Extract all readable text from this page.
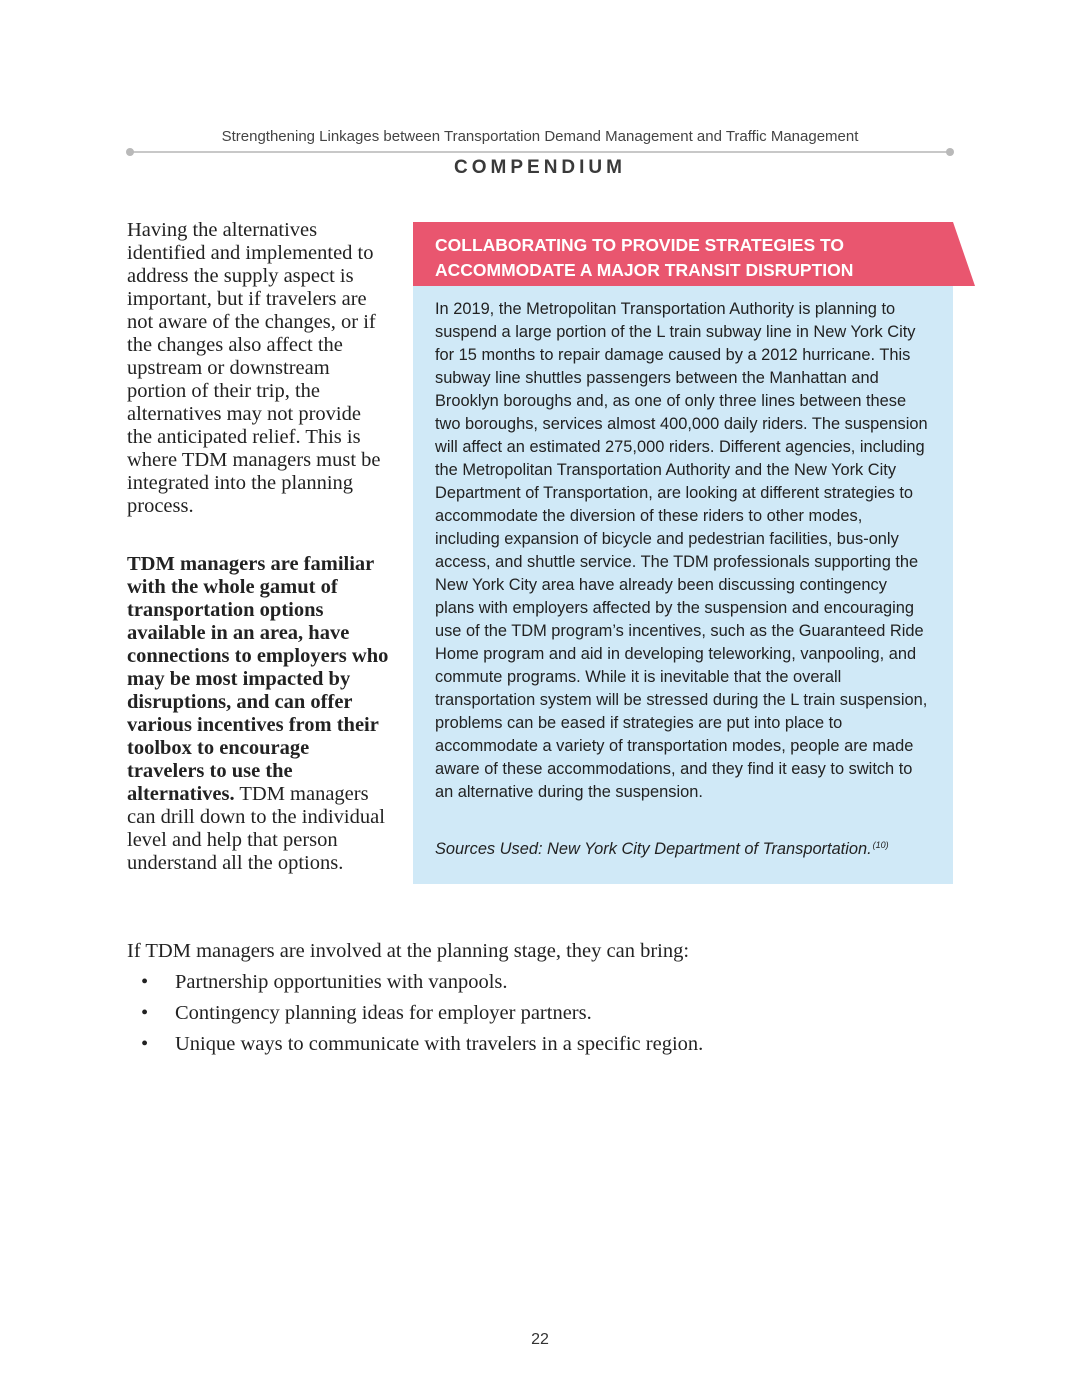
Strengthening Linkages between Transportation Demand Management and Traffic Management
COMPENDIUM

Having the alternatives identified and implemented to address the supply aspect is important, but if travelers are not aware of the changes, or if the changes also affect the upstream or downstream portion of their trip, the alternatives may not provide the anticipated relief. This is where TDM managers must be integrated into the planning process.

TDM managers are familiar with the whole gamut of transportation options available in an area, have connections to employers who may be most impacted by disruptions, and can offer various incentives from their toolbox to encourage travelers to use the alternatives. TDM managers can drill down to the individual level and help that person understand all the options.

COLLABORATING TO PROVIDE STRATEGIES TO ACCOMMODATE A MAJOR TRANSIT DISRUPTION

In 2019, the Metropolitan Transportation Authority is planning to suspend a large portion of the L train subway line in New York City for 15 months to repair damage caused by a 2012 hurricane. This subway line shuttles passengers between the Manhattan and Brooklyn boroughs and, as one of only three lines between these two boroughs, services almost 400,000 daily riders. The suspension will affect an estimated 275,000 riders. Different agencies, including the Metropolitan Transportation Authority and the New York City Department of Transportation, are looking at different strategies to accommodate the diversion of these riders to other modes, including expansion of bicycle and pedestrian facilities, bus-only access, and shuttle service. The TDM professionals supporting the New York City area have already been discussing contingency plans with employers affected by the suspension and encouraging use of the TDM program’s incentives, such as the Guaranteed Ride Home program and aid in developing teleworking, vanpooling, and commute programs. While it is inevitable that the overall transportation system will be stressed during the L train suspension, problems can be eased if strategies are put into place to accommodate a variety of transportation modes, people are made aware of these accommodations, and they find it easy to switch to an alternative during the suspension.

Sources Used: New York City Department of Transportation.$^{(10)}$
If TDM managers are involved at the planning stage, they can bring:
• Partnership opportunities with vanpools.
• Contingency planning ideas for employer partners.
• Unique ways to communicate with travelers in a specific region.
22
